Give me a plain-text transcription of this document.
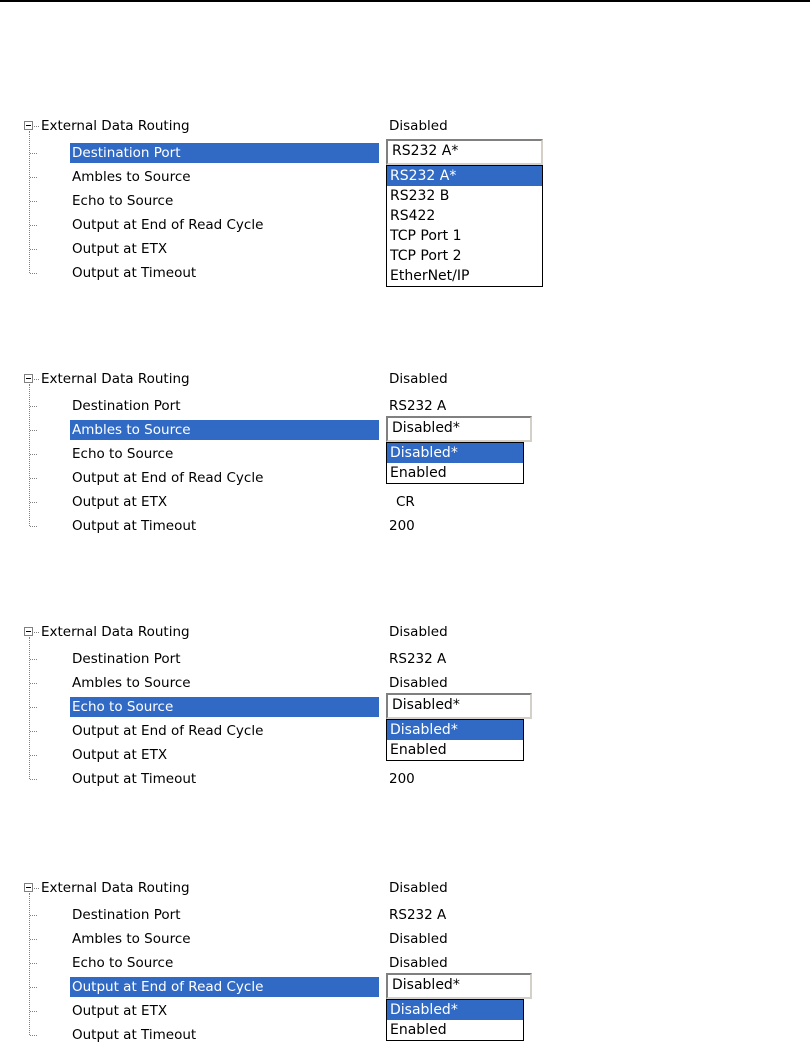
External Data Routing	Disabled
Destination Port	RS232 A*
RS232 A*
RS232 B
RS422
TCP Port 1
TCP Port 2
EtherNet/IP
Ambles to Source
Echo to Source
Output at End of Read Cycle
Output at ETX
Output at Timeout
External Data Routing	Disabled
Destination Port	RS232 A
Ambles to Source	Disabled*
Disabled*
Enabled
Echo to Source
Output at End of Read Cycle
Output at ETX	CR
Output at Timeout	200
External Data Routing	Disabled
Destination Port	RS232 A
Ambles to Source	Disabled
Echo to Source	Disabled*
Disabled*
Enabled
Output at End of Read Cycle
Output at ETX
Output at Timeout	200
External Data Routing	Disabled
Destination Port	RS232 A
Ambles to Source	Disabled
Echo to Source	Disabled
Output at End of Read Cycle	Disabled*
Disabled*
Enabled
Output at ETX
Output at Timeout
